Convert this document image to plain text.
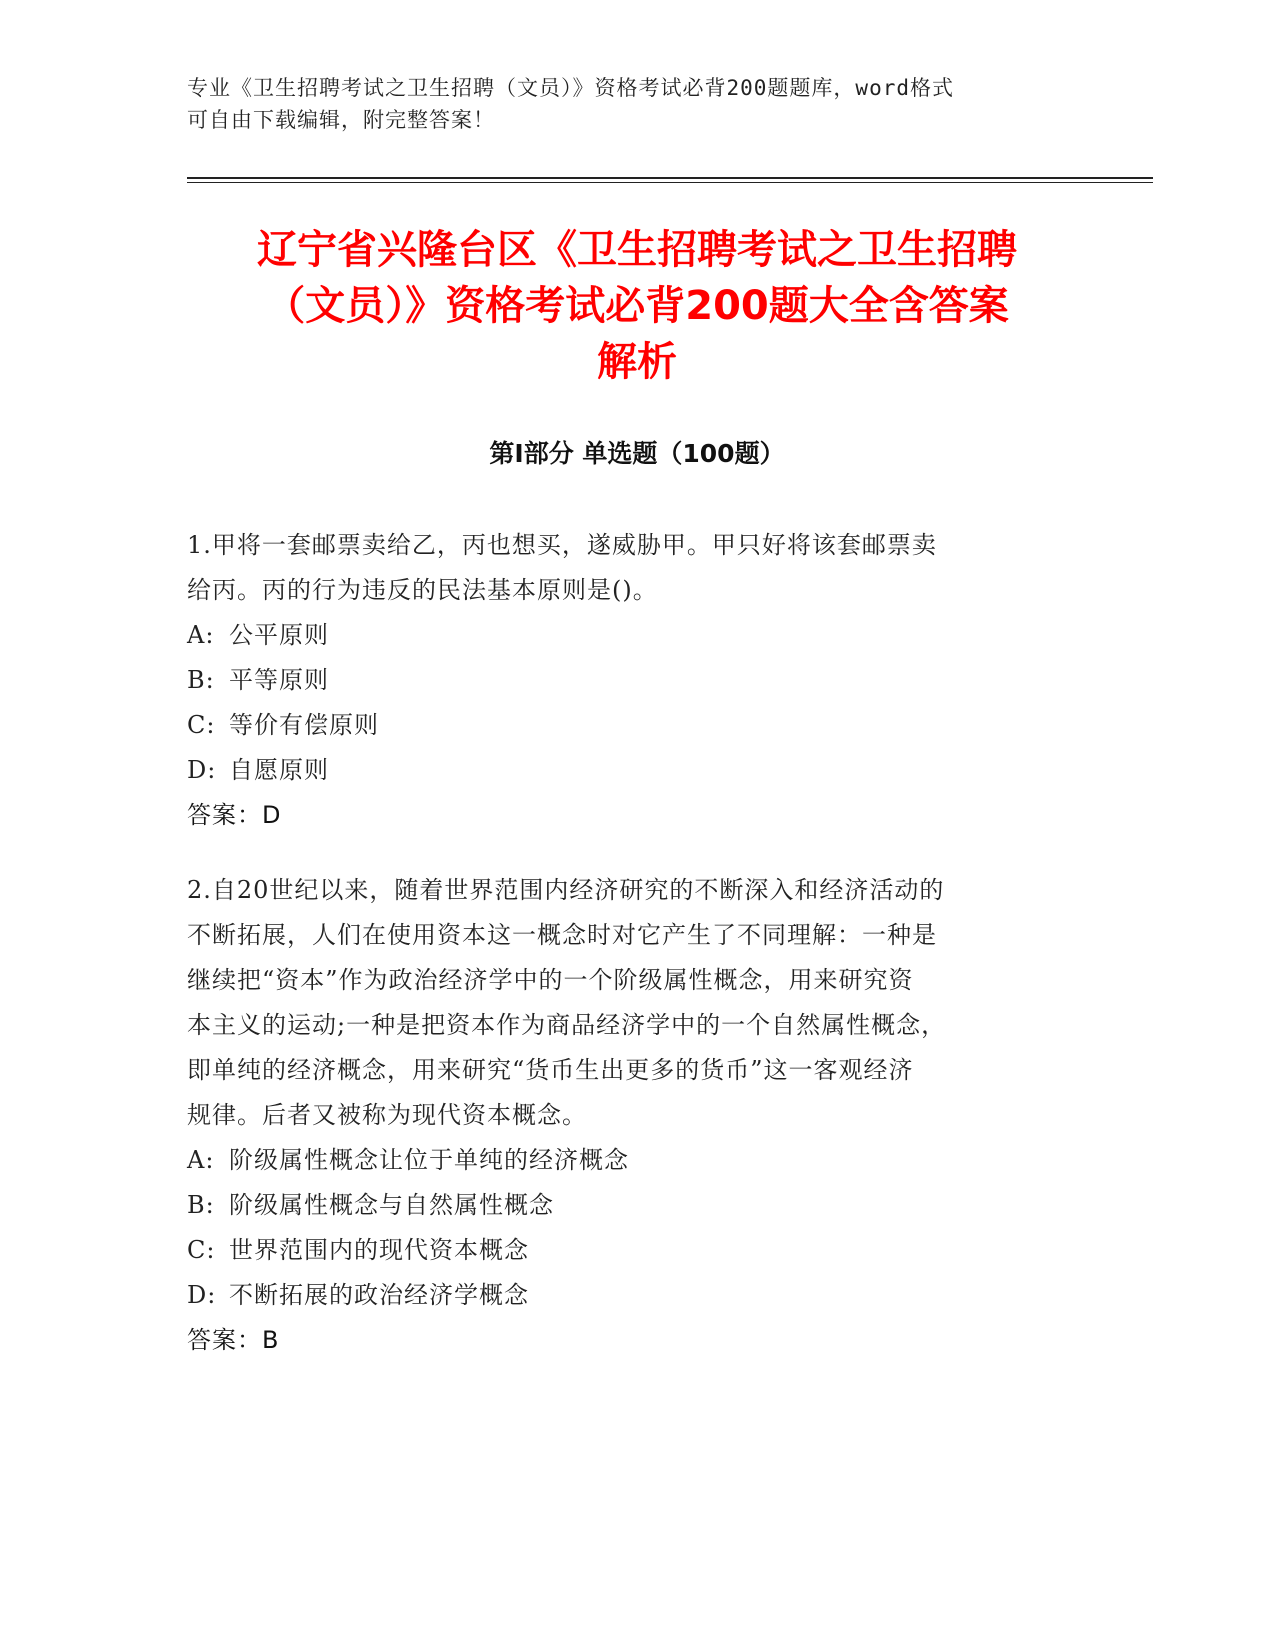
专业《卫生招聘考试之卫生招聘（文员）》资格考试必背200题题库，word格式
可自由下载编辑，附完整答案！
辽宁省兴隆台区《卫生招聘考试之卫生招聘
（文员）》资格考试必背200题大全含答案
解析
第Ⅰ部分 单选题（100题）
1.甲将一套邮票卖给乙，丙也想买，遂威胁甲。甲只好将该套邮票卖
给丙。丙的行为违反的民法基本原则是()。
A: 公平原则
B: 平等原则
C: 等价有偿原则
D: 自愿原则
答案：D
2.自20世纪以来，随着世界范围内经济研究的不断深入和经济活动的
不断拓展，人们在使用资本这一概念时对它产生了不同理解：一种是
继续把“资本”作为政治经济学中的一个阶级属性概念，用来研究资
本主义的运动;一种是把资本作为商品经济学中的一个自然属性概念，
即单纯的经济概念，用来研究“货币生出更多的货币”这一客观经济
规律。后者又被称为现代资本概念。
A: 阶级属性概念让位于单纯的经济概念
B: 阶级属性概念与自然属性概念
C: 世界范围内的现代资本概念
D: 不断拓展的政治经济学概念
答案：B
